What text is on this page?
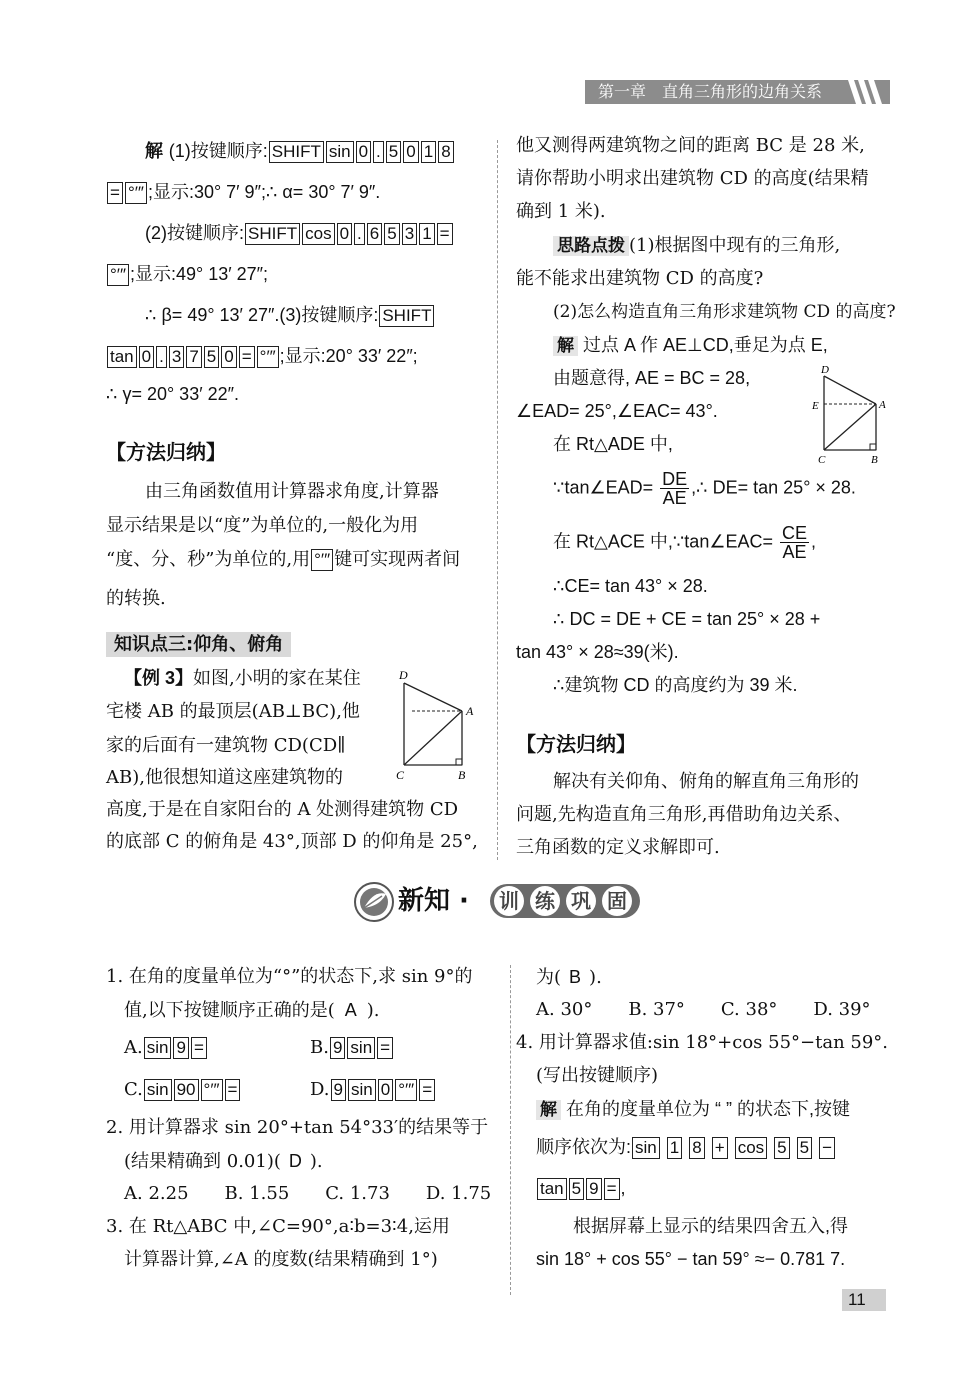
第一章　直角三角形的边角关系
解 (1)按键顺序: SHIFT sin 0 . 5 0 1 8
= °′″ ;显示:30° 7′ 9″;∴ α= 30° 7′ 9″.
(2)按键顺序: SHIFT cos 0 . 6 5 3 1 =
°′″ ;显示:49° 13′ 27″;
∴ β= 49° 13′ 27″.(3)按键顺序: SHIFT
tan 0 . 3 7 5 0 = °′″ ;显示:20° 33′ 22″;
∴ γ= 20° 33′ 22″.
【方法归纳】
由三角函数值用计算器求角度,计算器
显示结果是以“度”为单位的,一般化为用
“度、分、秒”为单位的,用 °′″ 键可实现两者间
的转换.
知识点三:仰角、俯角
【例 3】如图,小明的家在某住
宅楼 AB 的最顶层(AB⊥BC),他
家的后面有一建筑物 CD(CD∥
AB),他很想知道这座建筑物的
高度,于是在自家阳台的 A 处测得建筑物 CD
的底部 C 的俯角是 43°,顶部 D 的仰角是 25°,
D
A
C	B
他又测得两建筑物之间的距离 BC 是 28 米,
请你帮助小明求出建筑物 CD 的高度(结果精
确到 1 米).
思路点拨 (1)根据图中现有的三角形,
能不能求出建筑物 CD 的高度?
(2)怎么构造直角三角形求建筑物 CD 的高度?
解 过点 A 作 AE⊥CD,垂足为点 E,
由题意得, AE = BC = 28,
∠EAD= 25°,∠EAC= 43°.
在 Rt△ADE 中,
∵tan∠EAD= $\frac{DE}{AE}$ ,∴ DE= tan 25° × 28.
在 Rt△ACE 中,∵tan∠EAC= $\frac{CE}{AE}$ ,
∴CE= tan 43° × 28.
∴ DC = DE + CE = tan 25° × 28 +
tan 43° × 28≈39(米).
∴建筑物 CD 的高度约为 39 米.
【方法归纳】
解决有关仰角、俯角的解直角三角形的
问题,先构造直角三角形,再借助角边关系、
三角函数的定义求解即可.
D
E	A
C	B
新知 · 训 练 巩 固
1. 在角的度量单位为“°”的状态下,求 sin 9°的
值,以下按键顺序正确的是( A ).
A. sin 9 =	B. 9 sin =
C. sin 90 °′″ =	D. 9 sin 0 °′″ =
2. 用计算器求 sin 20°+tan 54°33′的结果等于
(结果精确到 0.01)( D ).
A. 2.25　　B. 1.55　　C. 1.73　　D. 1.75
3. 在 Rt△ABC 中,∠C=90°,a∶b=3∶4,运用
计算器计算,∠A 的度数(结果精确到 1°)
为( B ).
A. 30°　　B. 37°　　C. 38°　　D. 39°
4. 用计算器求值:sin 18°+cos 55°−tan 59°.
(写出按键顺序)
解 在角的度量单位为 “ ” 的状态下,按键
顺序依次为: sin 1 8 + cos 5 5 −
tan 5 9 = ,
根据屏幕上显示的结果四舍五入,得
sin 18° + cos 55° − tan 59° ≈− 0.781 7.
11
